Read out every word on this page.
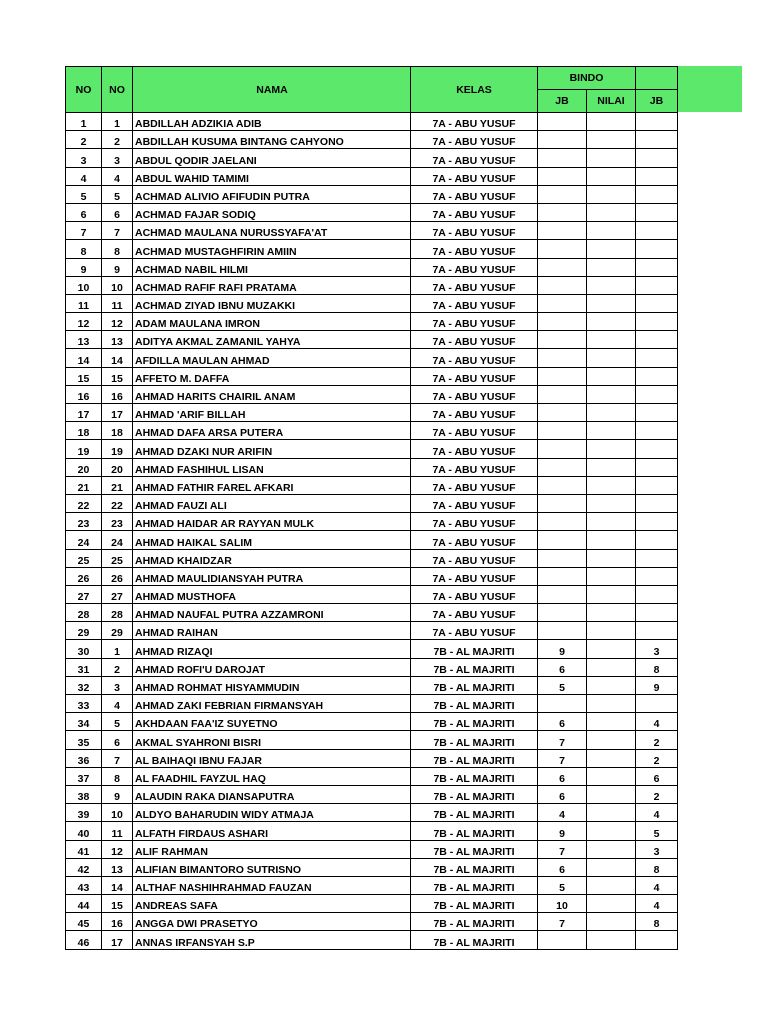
NO	NO	NAMA	KELAS	BINDO		
				JB	NILAI	JB
1	1	ABDILLAH ADZIKIA ADIB	7A - ABU YUSUF			
2	2	ABDILLAH KUSUMA BINTANG CAHYONO	7A - ABU YUSUF			
3	3	ABDUL QODIR JAELANI	7A - ABU YUSUF			
4	4	ABDUL WAHID TAMIMI	7A - ABU YUSUF			
5	5	ACHMAD ALIVIO AFIFUDIN PUTRA	7A - ABU YUSUF			
6	6	ACHMAD FAJAR SODIQ	7A - ABU YUSUF			
7	7	ACHMAD MAULANA NURUSSYAFA'AT	7A - ABU YUSUF			
8	8	ACHMAD MUSTAGHFIRIN AMIIN	7A - ABU YUSUF			
9	9	ACHMAD NABIL HILMI	7A - ABU YUSUF			
10	10	ACHMAD RAFIF RAFI PRATAMA	7A - ABU YUSUF			
11	11	ACHMAD ZIYAD IBNU MUZAKKI	7A - ABU YUSUF			
12	12	ADAM MAULANA IMRON	7A - ABU YUSUF			
13	13	ADITYA AKMAL ZAMANIL YAHYA	7A - ABU YUSUF			
14	14	AFDILLA MAULAN AHMAD	7A - ABU YUSUF			
15	15	AFFETO M. DAFFA	7A - ABU YUSUF			
16	16	AHMAD HARITS CHAIRIL ANAM	7A - ABU YUSUF			
17	17	AHMAD 'ARIF BILLAH	7A - ABU YUSUF			
18	18	AHMAD DAFA ARSA PUTERA	7A - ABU YUSUF			
19	19	AHMAD DZAKI NUR ARIFIN	7A - ABU YUSUF			
20	20	AHMAD FASHIHUL LISAN	7A - ABU YUSUF			
21	21	AHMAD FATHIR FAREL AFKARI	7A - ABU YUSUF			
22	22	AHMAD FAUZI ALI	7A - ABU YUSUF			
23	23	AHMAD HAIDAR AR RAYYAN MULK	7A - ABU YUSUF			
24	24	AHMAD HAIKAL SALIM	7A - ABU YUSUF			
25	25	AHMAD KHAIDZAR	7A - ABU YUSUF			
26	26	AHMAD MAULIDIANSYAH PUTRA	7A - ABU YUSUF			
27	27	AHMAD MUSTHOFA	7A - ABU YUSUF			
28	28	AHMAD NAUFAL PUTRA AZZAMRONI	7A - ABU YUSUF			
29	29	AHMAD RAIHAN	7A - ABU YUSUF			
30	1	AHMAD RIZAQI	7B - AL MAJRITI	9		3
31	2	AHMAD ROFI'U DAROJAT	7B - AL MAJRITI	6		8
32	3	AHMAD ROHMAT HISYAMMUDIN	7B - AL MAJRITI	5		9
33	4	AHMAD ZAKI FEBRIAN FIRMANSYAH	7B - AL MAJRITI			
34	5	AKHDAAN FAA'IZ SUYETNO	7B - AL MAJRITI	6		4
35	6	AKMAL SYAHRONI BISRI	7B - AL MAJRITI	7		2
36	7	AL BAIHAQI IBNU FAJAR	7B - AL MAJRITI	7		2
37	8	AL FAADHIL FAYZUL HAQ	7B - AL MAJRITI	6		6
38	9	ALAUDIN RAKA DIANSAPUTRA	7B - AL MAJRITI	6		2
39	10	ALDYO BAHARUDIN WIDY ATMAJA	7B - AL MAJRITI	4		4
40	11	ALFATH FIRDAUS ASHARI	7B - AL MAJRITI	9		5
41	12	ALIF RAHMAN	7B - AL MAJRITI	7		3
42	13	ALIFIAN BIMANTORO SUTRISNO	7B - AL MAJRITI	6		8
43	14	ALTHAF NASHIHRAHMAD FAUZAN	7B - AL MAJRITI	5		4
44	15	ANDREAS SAFA	7B - AL MAJRITI	10		4
45	16	ANGGA DWI PRASETYO	7B - AL MAJRITI	7		8
46	17	ANNAS IRFANSYAH S.P	7B - AL MAJRITI			
